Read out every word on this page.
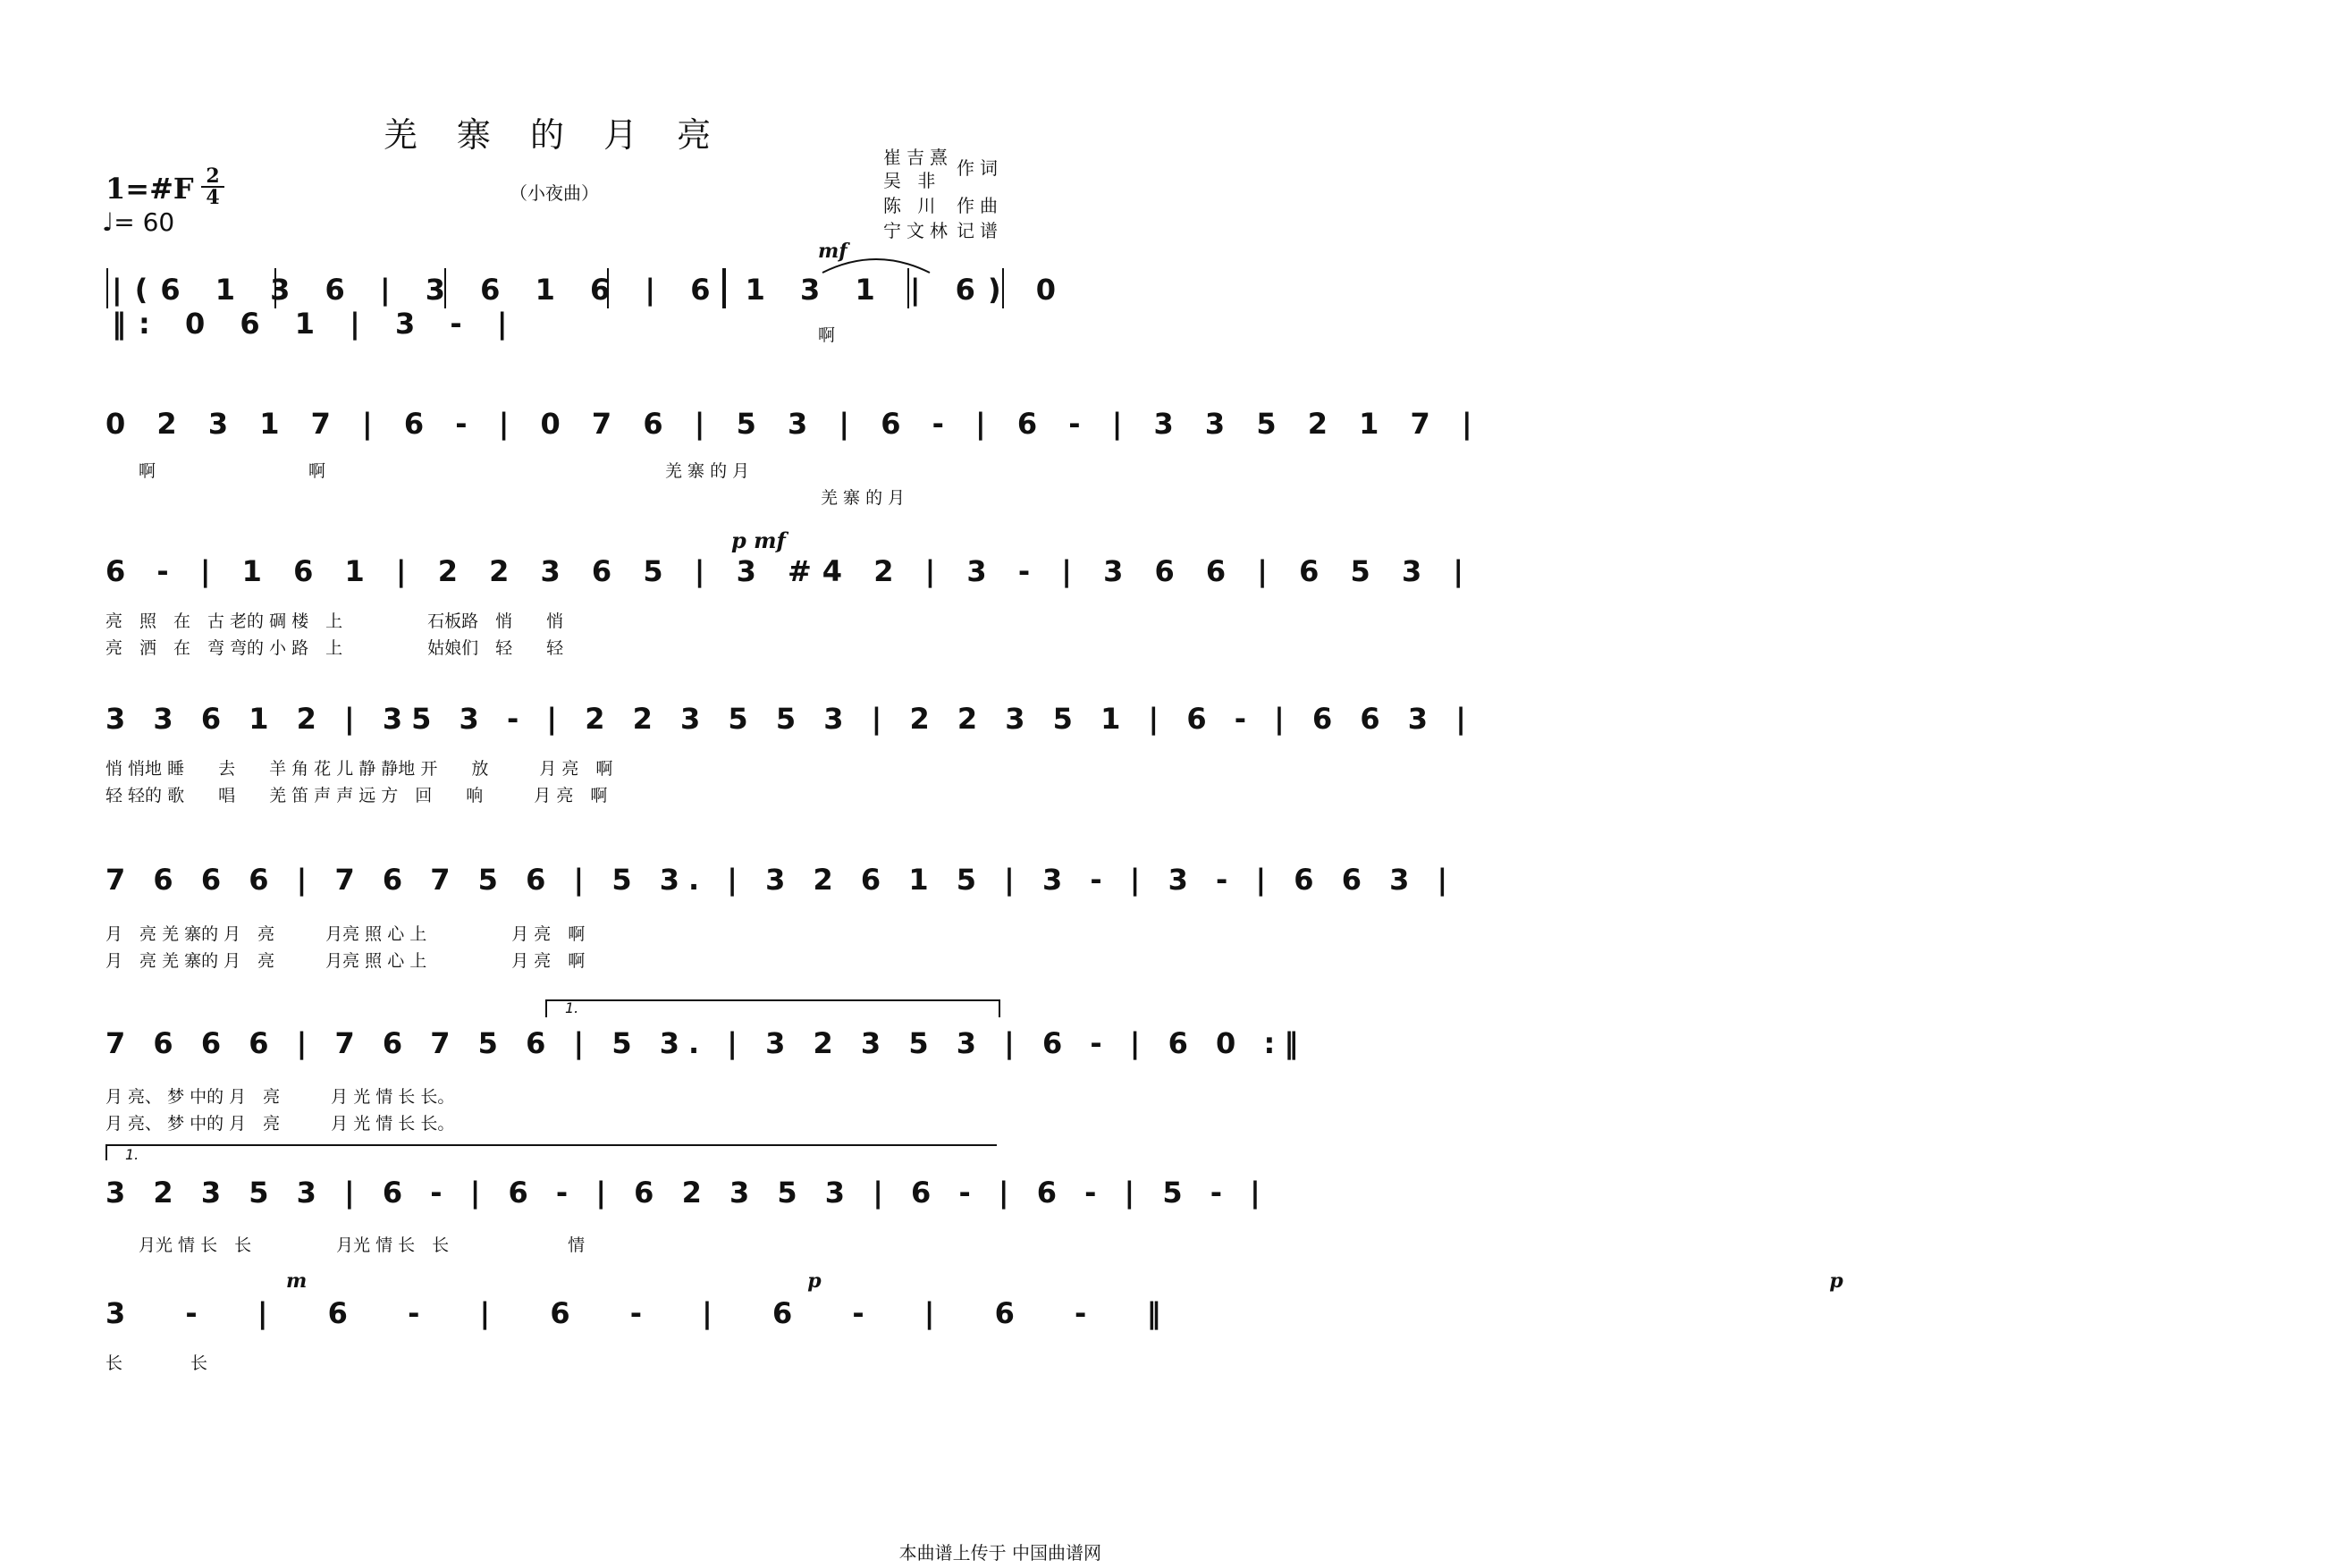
羌 寨 的 月 亮
（小夜曲）
崔吉熹 作词
吴 非
陈 川 作曲
宁文林 记谱
1=#F 2
4
♩= 60
|(6 1 3 6 | 3 6 1 6 | 6 1 3 1 | 6) 0 ‖: 0 6 1 | 3 - |
mf
啊
0 2 3 1 7 | 6 - | 0 7 6 | 5 3 | 6 - | 6 - | 3 3 5 2 1 7 |
啊　　　　　　　　　啊　　　　　　　　　　　　　　　　　　　　羌 寨 的 月
羌 寨 的 月
6 - | 1 6 1 | 2 2 3 6 5 | 3 #4 2 | 3 - | 3 6 6 | 6 5 3 |
p mf
亮　照　在　古 老的 碉 楼　上　　　　　石板路　悄　　悄
亮　洒　在　弯 弯的 小 路　上　　　　　姑娘们　轻　　轻
3 3 6 1 2 | 35 3 - | 2 2 3 5 5 3 | 2 2 3 5 1 | 6 - | 6 6 3 |
悄 悄地 睡　　去　　羊 角 花 儿 静 静地 开　　放　　　月 亮　啊
轻 轻的 歌　　唱　　羌 笛 声 声 远 方　回　　响　　　月 亮　啊
7 6 6 6 | 7 6 7 5 6 | 5 3. | 3 2 6 1 5 | 3 - | 3 - | 6 6 3 |
月　亮 羌 寨的 月　亮　　　月亮 照 心 上　　　　　月 亮　啊
月　亮 羌 寨的 月　亮　　　月亮 照 心 上　　　　　月 亮　啊
1.
7 6 6 6 | 7 6 7 5 6 | 5 3. | 3 2 3 5 3 | 6 - | 6 0 :‖
月 亮、 梦 中的 月　亮　　　月 光 情 长 长。
月 亮、 梦 中的 月　亮　　　月 光 情 长 长。
1.
3 2 3 5 3 | 6 - | 6 - | 6 2 3 5 3 | 6 - | 6 - | 5 - |
月光 情 长　长　　　　　月光 情 长　长　　　　　　　情
3 - | 6 - | 6 - | 6 - | 6 - ‖
mp p
长　　　　长
本曲谱上传于 中国曲谱网
